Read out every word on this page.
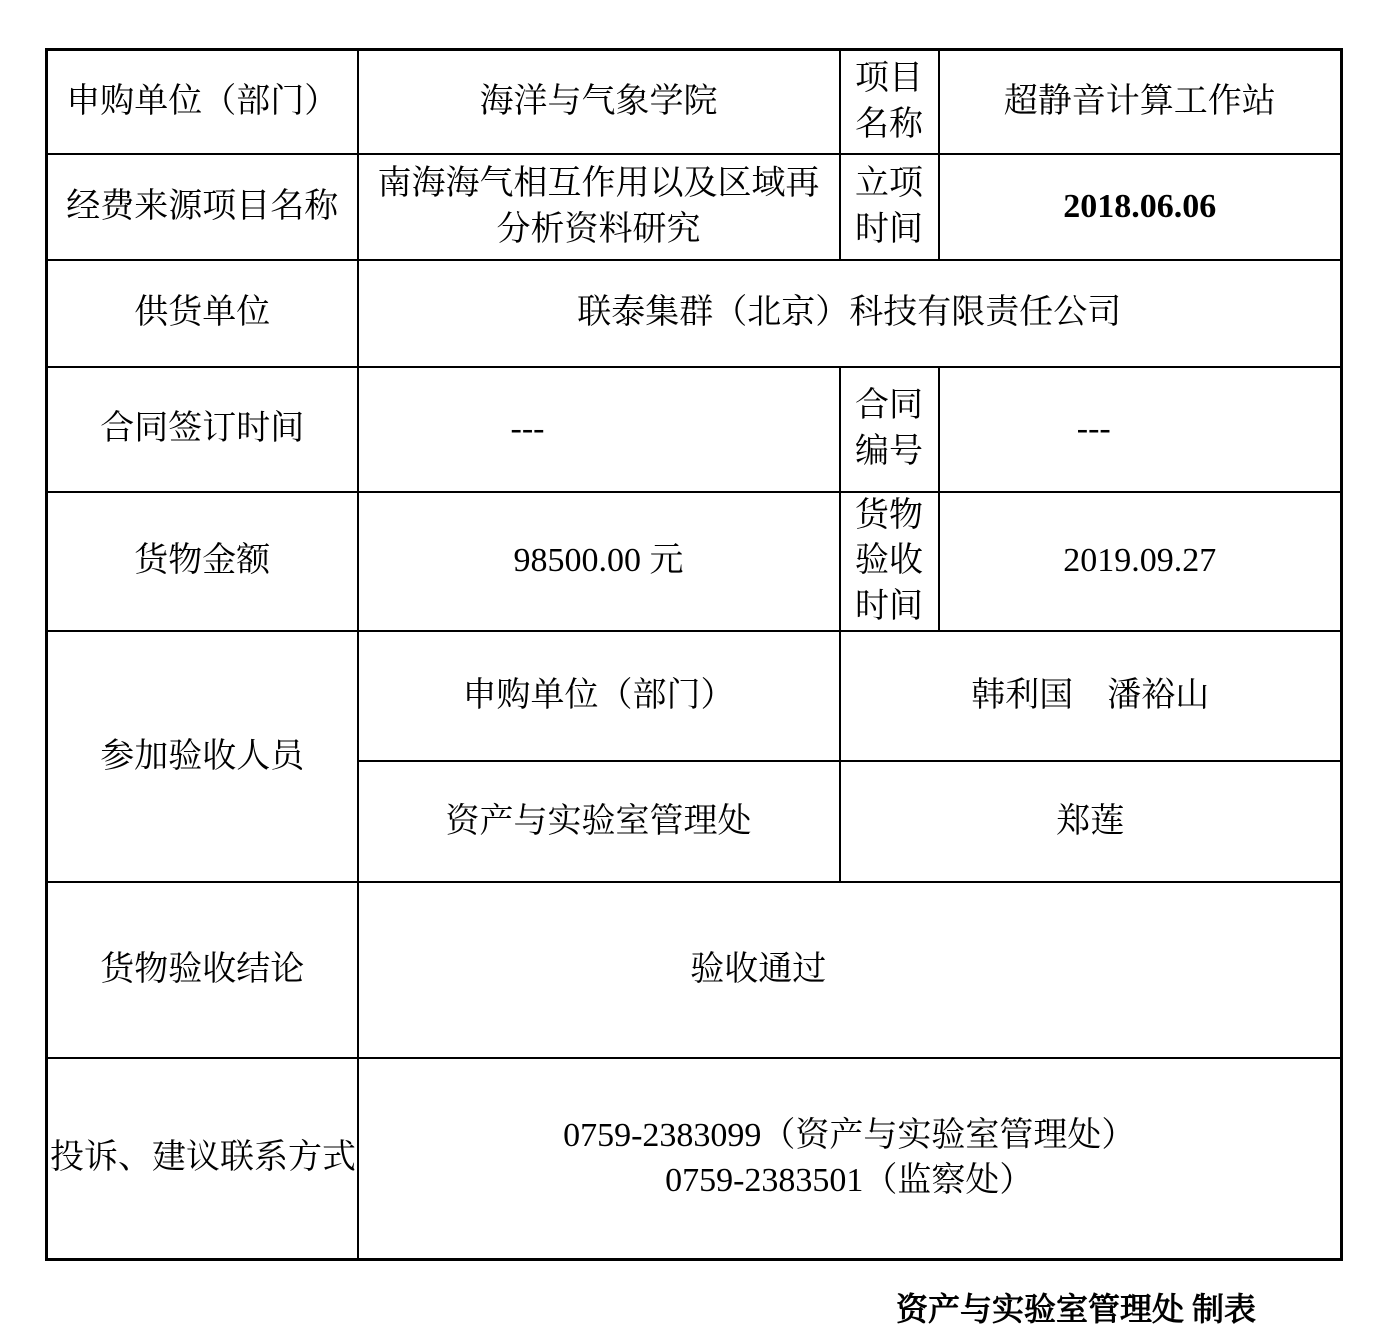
申购单位（部门）	海洋与气象学院	项目名称	超静音计算工作站
经费来源项目名称	南海海气相互作用以及区域再分析资料研究	立项时间	2018.06.06
供货单位	联泰集群（北京）科技有限责任公司		
合同签订时间	---	合同编号	---
货物金额	98500.00 元	货物验收时间	2019.09.27
参加验收人员	申购单位（部门）	韩利国　潘裕山	
	资产与实验室管理处	郑莲	
货物验收结论	验收通过		
投诉、建议联系方式	0759-2383099（资产与实验室管理处）
0759-2383501（监察处）		
资产与实验室管理处 制表
